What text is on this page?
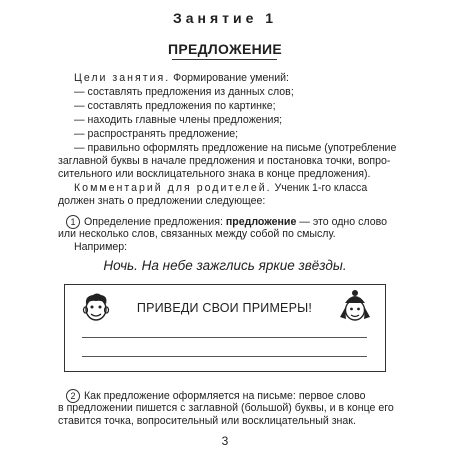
Занятие 1
ПРЕДЛОЖЕНИЕ
Цели занятия. Формирование умений:
— составлять предложения из данных слов;
— составлять предложения по картинке;
— находить главные члены предложения;
— распространять предложение;
— правильно оформлять предложение на письме (употребление
заглавной буквы в начале предложения и постановка точки, вопро-
сительного или восклицательного знака в конце предложения).
Комментарий для родителей. Ученик 1-го класса
должен знать о предложении следующее:
1 Определение предложения: предложение — это одно слово
или несколько слов, связанных между собой по смыслу.
Например:
Ночь. На небе зажглись яркие звёзды.
ПРИВЕДИ СВОИ ПРИМЕРЫ!
2 Как предложение оформляется на письме: первое слово
в предложении пишется с заглавной (большой) буквы, и в конце его
ставится точка, вопросительный или восклицательный знак.
3
